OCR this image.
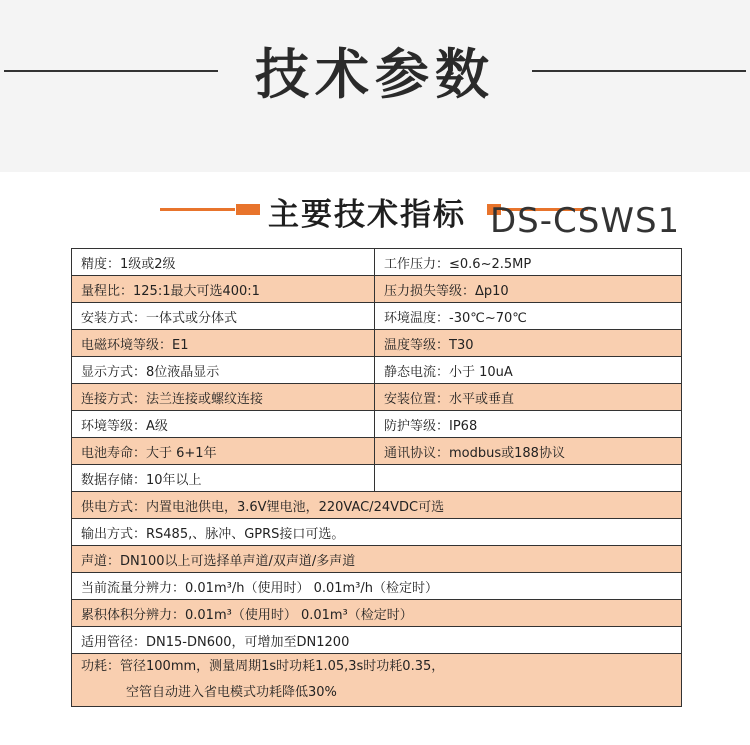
技术参数
主要技术指标 DS-CSWS1
精度：1级或2级	工作压力：≤0.6~2.5MP
量程比：125:1最大可选400:1	压力损失等级：Δp10
安装方式：一体式或分体式	环境温度：-30℃~70℃
电磁环境等级：E1	温度等级：T30
显示方式：8位液晶显示	静态电流：小于 10uA
连接方式：法兰连接或螺纹连接	安装位置：水平或垂直
环境等级：A级	防护等级：IP68
电池寿命：大于 6+1年	通讯协议：modbus或188协议
数据存储：10年以上	
供电方式：内置电池供电，3.6V锂电池，220VAC/24VDC可选	
输出方式：RS485,、脉冲、GPRS接口可选。	
声道：DN100以上可选择单声道/双声道/多声道	
当前流量分辨力：0.01m³/h（使用时） 0.01m³/h（检定时）	
累积体积分辨力：0.01m³（使用时） 0.01m³（检定时）	
适用管径：DN15-DN600，可增加至DN1200	
功耗：管径100mm，测量周期1s时功耗1.05,3s时功耗0.35，
空管自动进入省电模式功耗降低30%	
